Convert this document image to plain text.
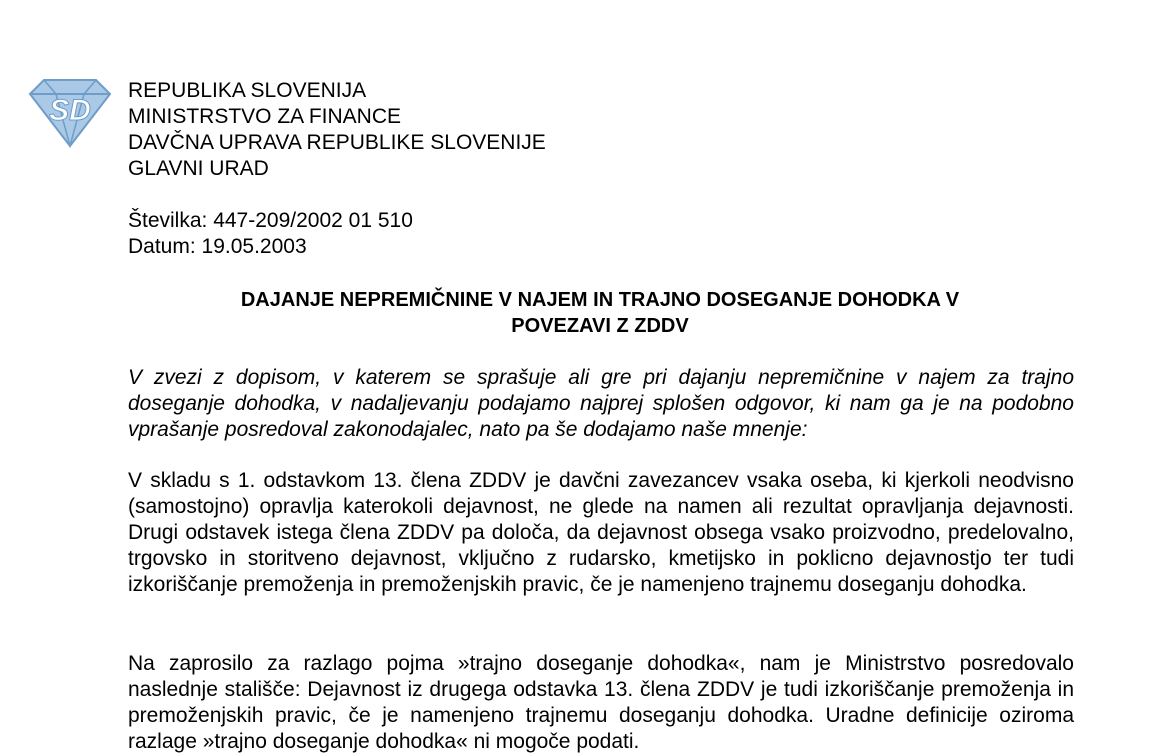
SD
REPUBLIKA SLOVENIJA
MINISTRSTVO ZA FINANCE
DAVČNA UPRAVA REPUBLIKE SLOVENIJE
GLAVNI URAD
Številka: 447-209/2002 01 510
Datum: 19.05.2003
DAJANJE NEPREMIČNINE V NAJEM IN TRAJNO DOSEGANJE DOHODKA V
POVEZAVI Z ZDDV

V zvezi z dopisom, v katerem se sprašuje ali gre pri dajanju nepremičnine v najem za trajno doseganje dohodka, v nadaljevanju podajamo najprej splošen odgovor, ki nam ga je na podobno vprašanje posredoval zakonodajalec, nato pa še dodajamo naše mnenje:

V skladu s 1. odstavkom 13. člena ZDDV je davčni zavezancev vsaka oseba, ki kjerkoli neodvisno (samostojno) opravlja katerokoli dejavnost, ne glede na namen ali rezultat opravljanja dejavnosti. Drugi odstavek istega člena ZDDV pa določa, da dejavnost obsega vsako proizvodno, predelovalno, trgovsko in storitveno dejavnost, vključno z rudarsko, kmetijsko in poklicno dejavnostjo ter tudi izkoriščanje premoženja in premoženjskih pravic, če je namenjeno trajnemu doseganju dohodka.

Na zaprosilo za razlago pojma »trajno doseganje dohodka«, nam je Ministrstvo posredovalo naslednje stališče: Dejavnost iz drugega odstavka 13. člena ZDDV je tudi izkoriščanje premoženja in premoženjskih pravic, če je namenjeno trajnemu doseganju dohodka. Uradne definicije oziroma razlage »trajno doseganje dohodka« ni mogoče podati.
